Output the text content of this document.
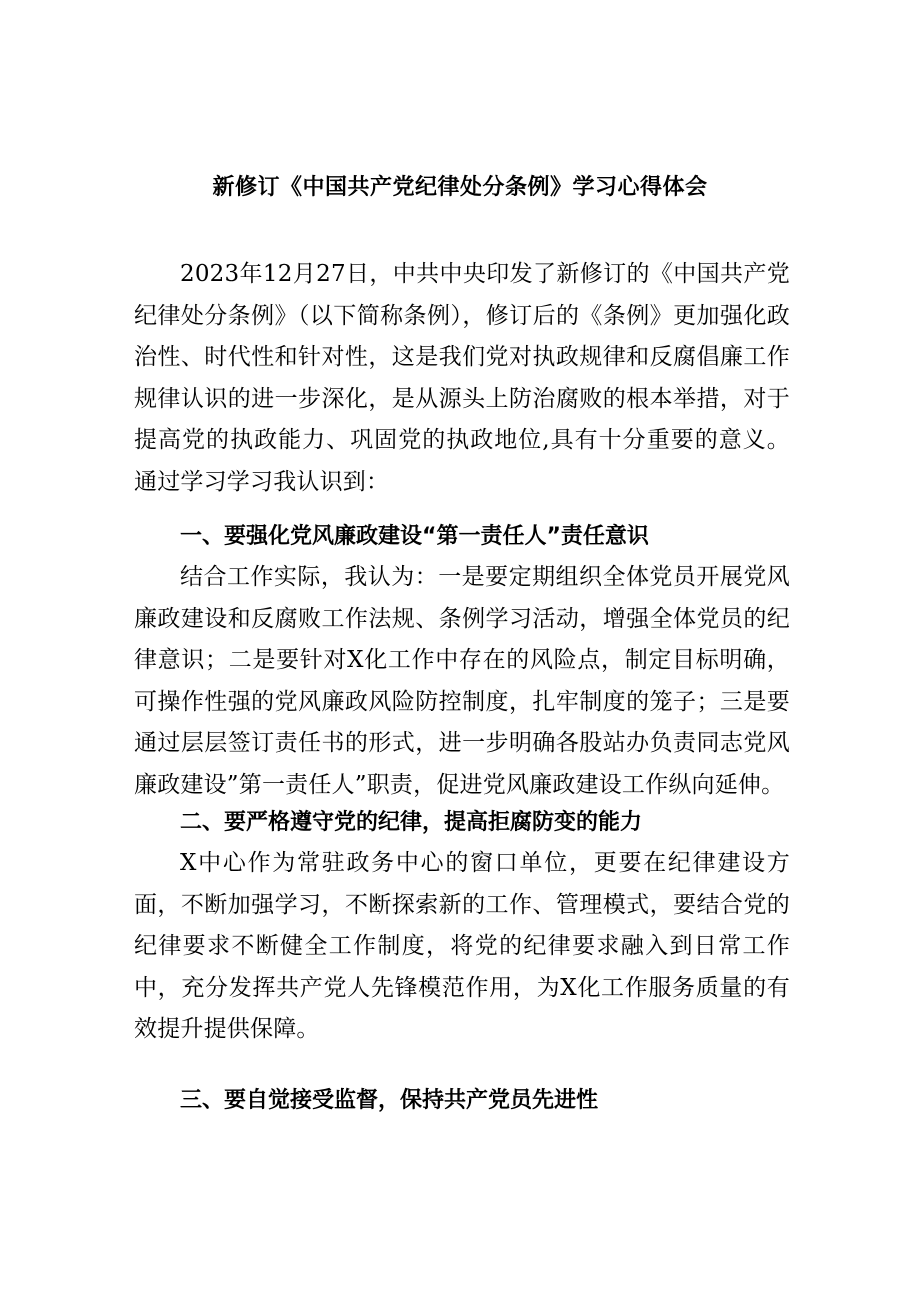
新修订《中国共产党纪律处分条例》学习心得体会

2023年12月27日，中共中央印发了新修订的《中国共产党纪律处分条例》（以下简称条例），修订后的《条例》更加强化政治性、时代性和针对性，这是我们党对执政规律和反腐倡廉工作规律认识的进一步深化，是从源头上防治腐败的根本举措，对于提高党的执政能力、巩固党的执政地位,具有十分重要的意义。通过学习学习我认识到：

一、要强化党风廉政建设“第一责任人”责任意识

结合工作实际，我认为：一是要定期组织全体党员开展党风廉政建设和反腐败工作法规、条例学习活动，增强全体党员的纪律意识；二是要针对X化工作中存在的风险点，制定目标明确，可操作性强的党风廉政风险防控制度，扎牢制度的笼子；三是要通过层层签订责任书的形式，进一步明确各股站办负责同志党风廉政建设”第一责任人”职责，促进党风廉政建设工作纵向延伸。

二、要严格遵守党的纪律，提高拒腐防变的能力

X中心作为常驻政务中心的窗口单位，更要在纪律建设方面，不断加强学习，不断探索新的工作、管理模式，要结合党的纪律要求不断健全工作制度，将党的纪律要求融入到日常工作中，充分发挥共产党人先锋模范作用，为X化工作服务质量的有效提升提供保障。

三、要自觉接受监督，保持共产党员先进性
